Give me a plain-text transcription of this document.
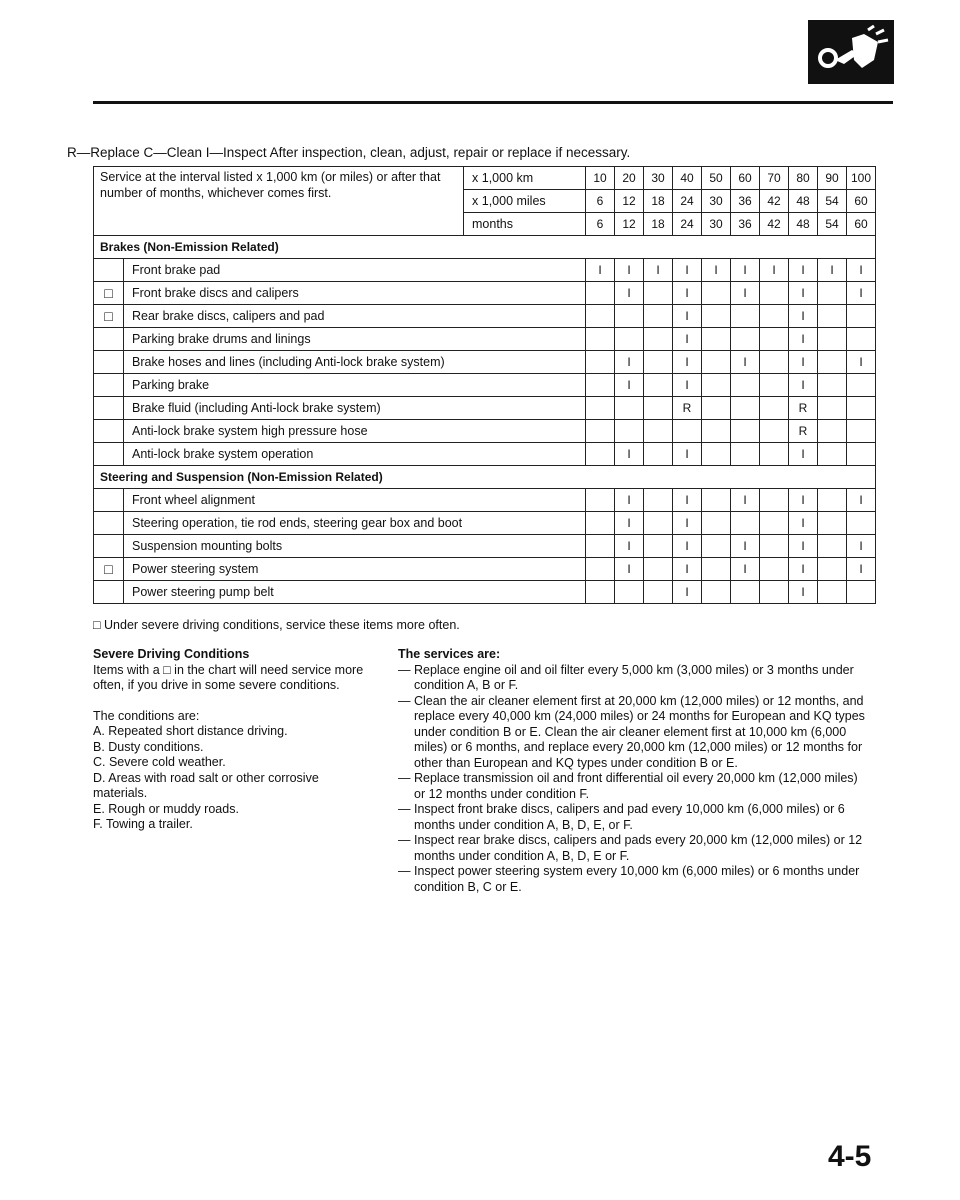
R—Replace C—Clean I—Inspect After inspection, clean, adjust, repair or replace if necessary.
Service at the interval listed x 1,000 km (or miles) or after that number of months, whichever comes first.		x 1,000 km	10	20	30	40	50	60	70	80	90	100
		x 1,000 miles	6	12	18	24	30	36	42	48	54	60
		months	6	12	18	24	30	36	42	48	54	60
Brakes (Non-Emission Related)												
	Front brake pad		I	I	I	I	I	I	I	I	I	I
□	Front brake discs and calipers			I		I		I		I		I
□	Rear brake discs, calipers and pad					I				I		
	Parking brake drums and linings					I				I		
	Brake hoses and lines (including Anti-lock brake system)			I		I		I		I		I
	Parking brake			I		I				I		
	Brake fluid (including Anti-lock brake system)					R				R		
	Anti-lock brake system high pressure hose									R		
	Anti-lock brake system operation			I		I				I		
Steering and Suspension (Non-Emission Related)												
	Front wheel alignment			I		I		I		I		I
	Steering operation, tie rod ends, steering gear box and boot			I		I				I		
	Suspension mounting bolts			I		I		I		I		I
□	Power steering system			I		I		I		I		I
	Power steering pump belt					I				I		
□ Under severe driving conditions, service these items more often.
Severe Driving Conditions
Items with a □ in the chart will need service more often, if you drive in some severe conditions.
The conditions are:
A. Repeated short distance driving.
B. Dusty conditions.
C. Severe cold weather.
D. Areas with road salt or other corrosive materials.
E. Rough or muddy roads.
F. Towing a trailer.
The services are:
— Replace engine oil and oil filter every 5,000 km (3,000 miles) or 3 months under condition A, B or F.
— Clean the air cleaner element first at 20,000 km (12,000 miles) or 12 months, and replace every 40,000 km (24,000 miles) or 24 months for European and KQ types under condition B or E. Clean the air cleaner element first at 10,000 km (6,000 miles) or 6 months, and replace every 20,000 km (12,000 miles) or 12 months for other than European and KQ types under condition B or E.
— Replace transmission oil and front differential oil every 20,000 km (12,000 miles) or 12 months under condition F.
— Inspect front brake discs, calipers and pad every 10,000 km (6,000 miles) or 6 months under condition A, B, D, E, or F.
— Inspect rear brake discs, calipers and pads every 20,000 km (12,000 miles) or 12 months under condition A, B, D, E or F.
— Inspect power steering system every 10,000 km (6,000 miles) or 6 months under condition B, C or E.
4-5
